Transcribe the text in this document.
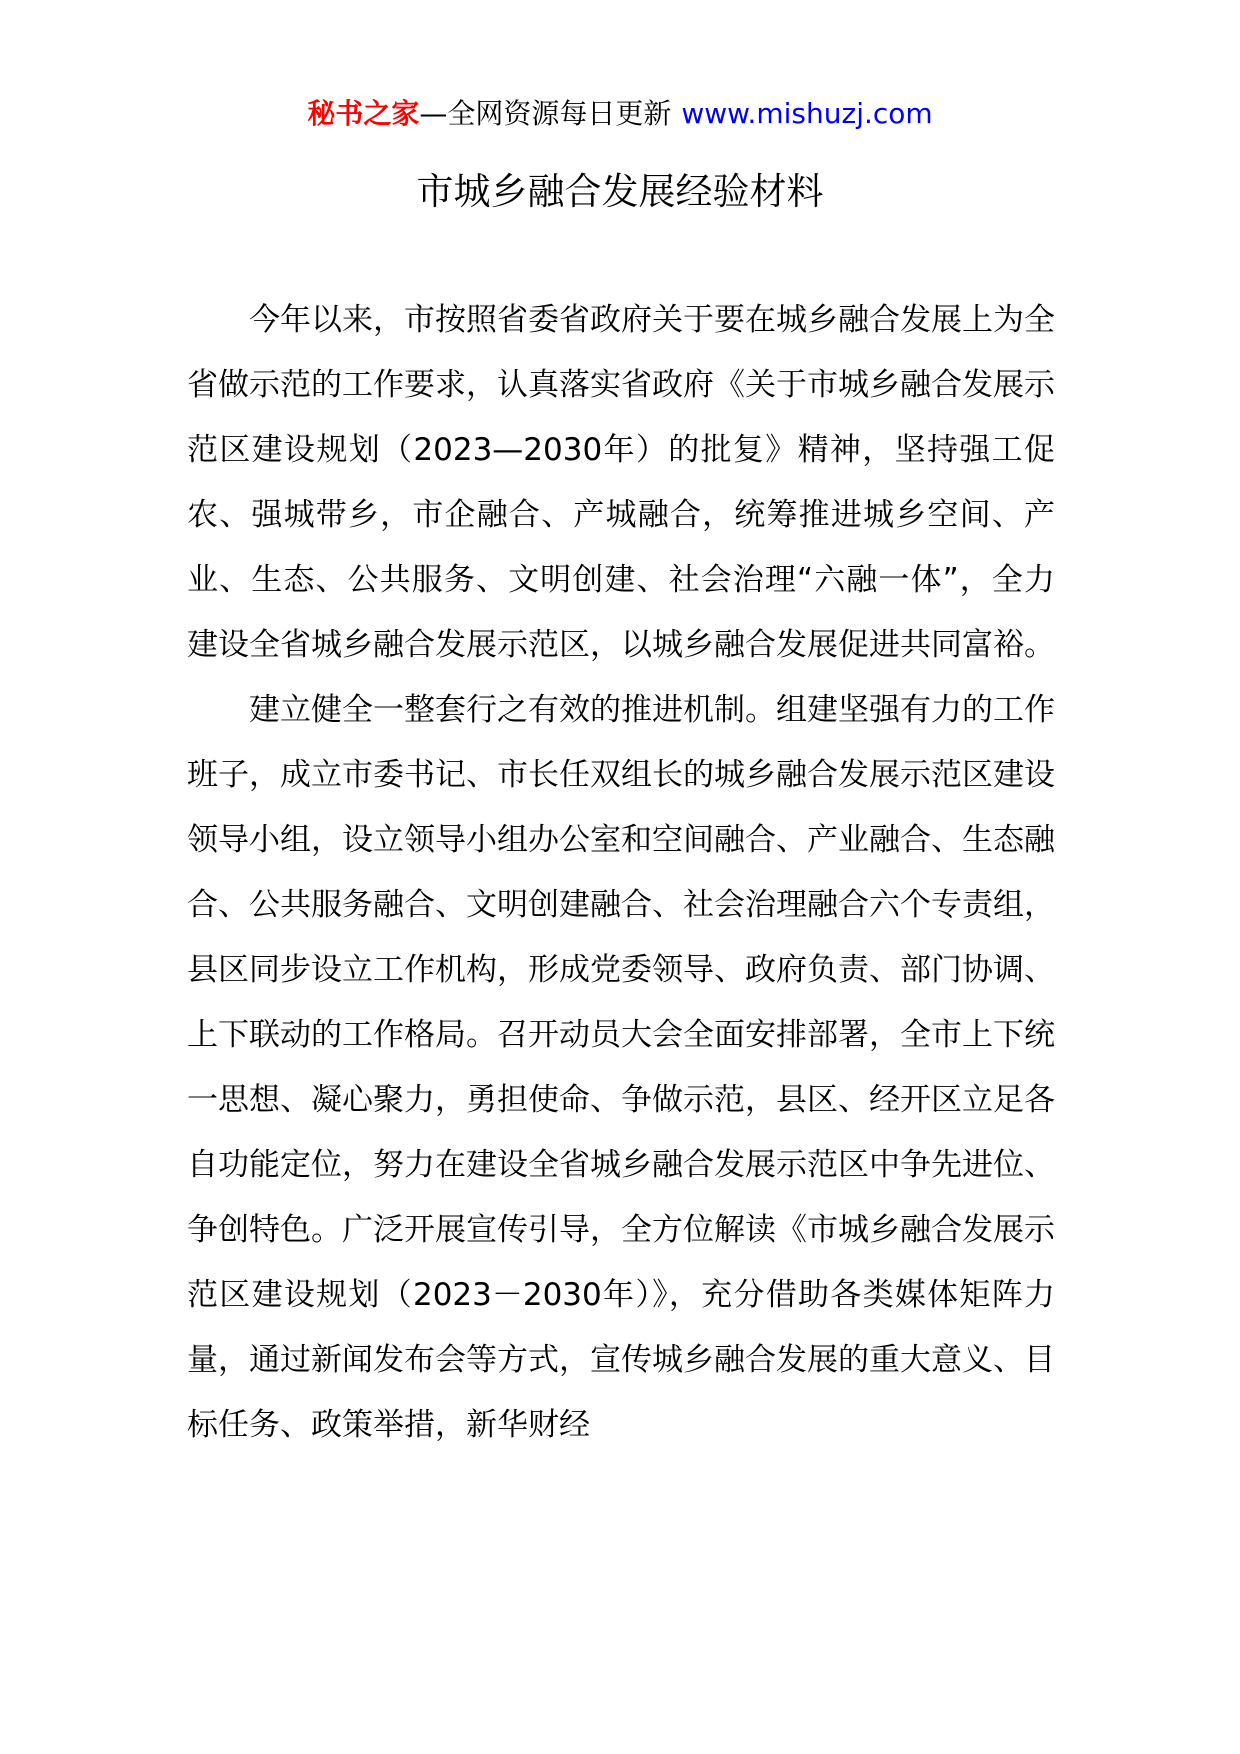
秘书之家—全网资源每日更新 www.mishuzj.com
市城乡融合发展经验材料

今年以来，市按照省委省政府关于要在城乡融合发展上为全省做示范的工作要求，认真落实省政府《关于市城乡融合发展示范区建设规划（2023—2030年）的批复》精神，坚持强工促农、强城带乡，市企融合、产城融合，统筹推进城乡空间、产业、生态、公共服务、文明创建、社会治理“六融一体”，全力建设全省城乡融合发展示范区，以城乡融合发展促进共同富裕。

建立健全一整套行之有效的推进机制。组建坚强有力的工作班子，成立市委书记、市长任双组长的城乡融合发展示范区建设领导小组，设立领导小组办公室和空间融合、产业融合、生态融合、公共服务融合、文明创建融合、社会治理融合六个专责组，县区同步设立工作机构，形成党委领导、政府负责、部门协调、上下联动的工作格局。召开动员大会全面安排部署，全市上下统一思想、凝心聚力，勇担使命、争做示范，县区、经开区立足各自功能定位，努力在建设全省城乡融合发展示范区中争先进位、争创特色。广泛开展宣传引导，全方位解读《市城乡融合发展示范区建设规划（2023－2030年）》，充分借助各类媒体矩阵力量，通过新闻发布会等方式，宣传城乡融合发展的重大意义、目标任务、政策举措，新华财经
